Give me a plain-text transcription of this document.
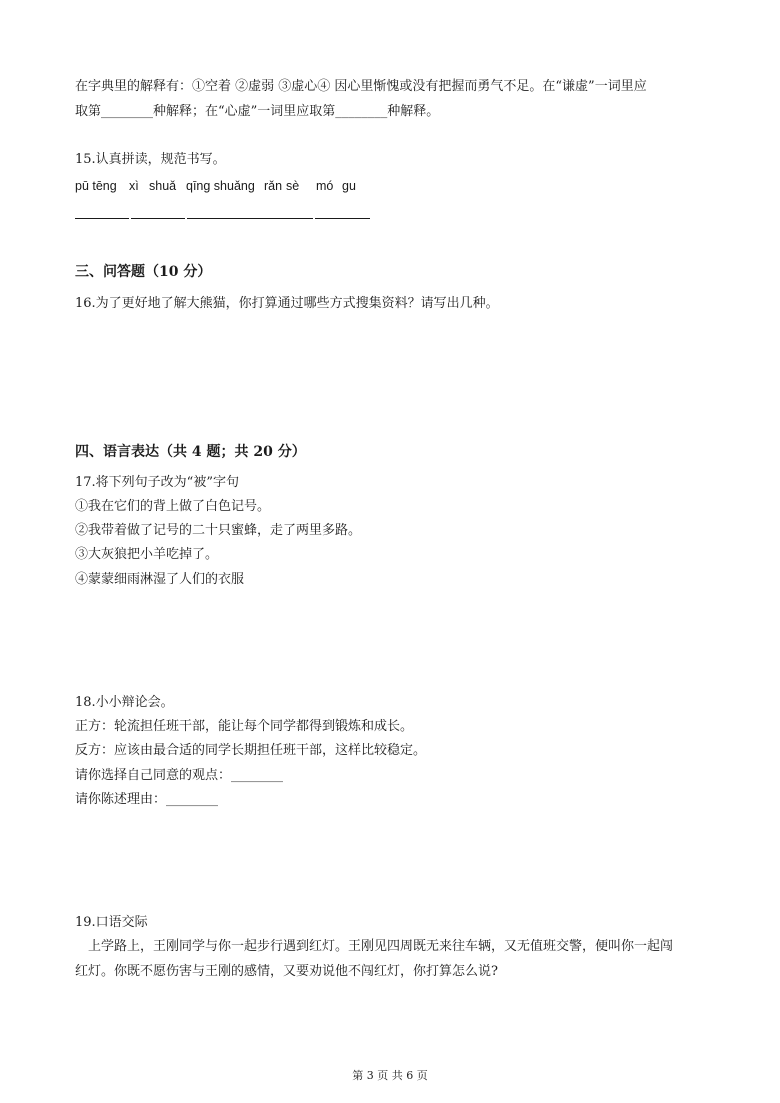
在字典里的解释有：①空着 ②虚弱 ③虚心④ 因心里惭愧或没有把握而勇气不足。在“谦虚”一词里应
取第________种解释；在“心虚”一词里应取第________种解释。
15.认真拼读，规范书写。
pū tēng xì shuǎ qīng shuǎng rǎn sè mó gu
三、问答题（10 分）
16.为了更好地了解大熊猫，你打算通过哪些方式搜集资料？请写出几种。
四、语言表达（共 4 题；共 20 分）
17.将下列句子改为“被”字句
①我在它们的背上做了白色记号。
②我带着做了记号的二十只蜜蜂，走了两里多路。
③大灰狼把小羊吃掉了。
④蒙蒙细雨淋湿了人们的衣服
18.小小辩论会。
正方：轮流担任班干部，能让每个同学都得到锻炼和成长。
反方：应该由最合适的同学长期担任班干部，这样比较稳定。
请你选择自己同意的观点：________
请你陈述理由：________
19.口语交际
上学路上，王刚同学与你一起步行遇到红灯。王刚见四周既无来往车辆，又无值班交警，便叫你一起闯
红灯。你既不愿伤害与王刚的感情，又要劝说他不闯红灯，你打算怎么说?
第 3 页 共 6 页
